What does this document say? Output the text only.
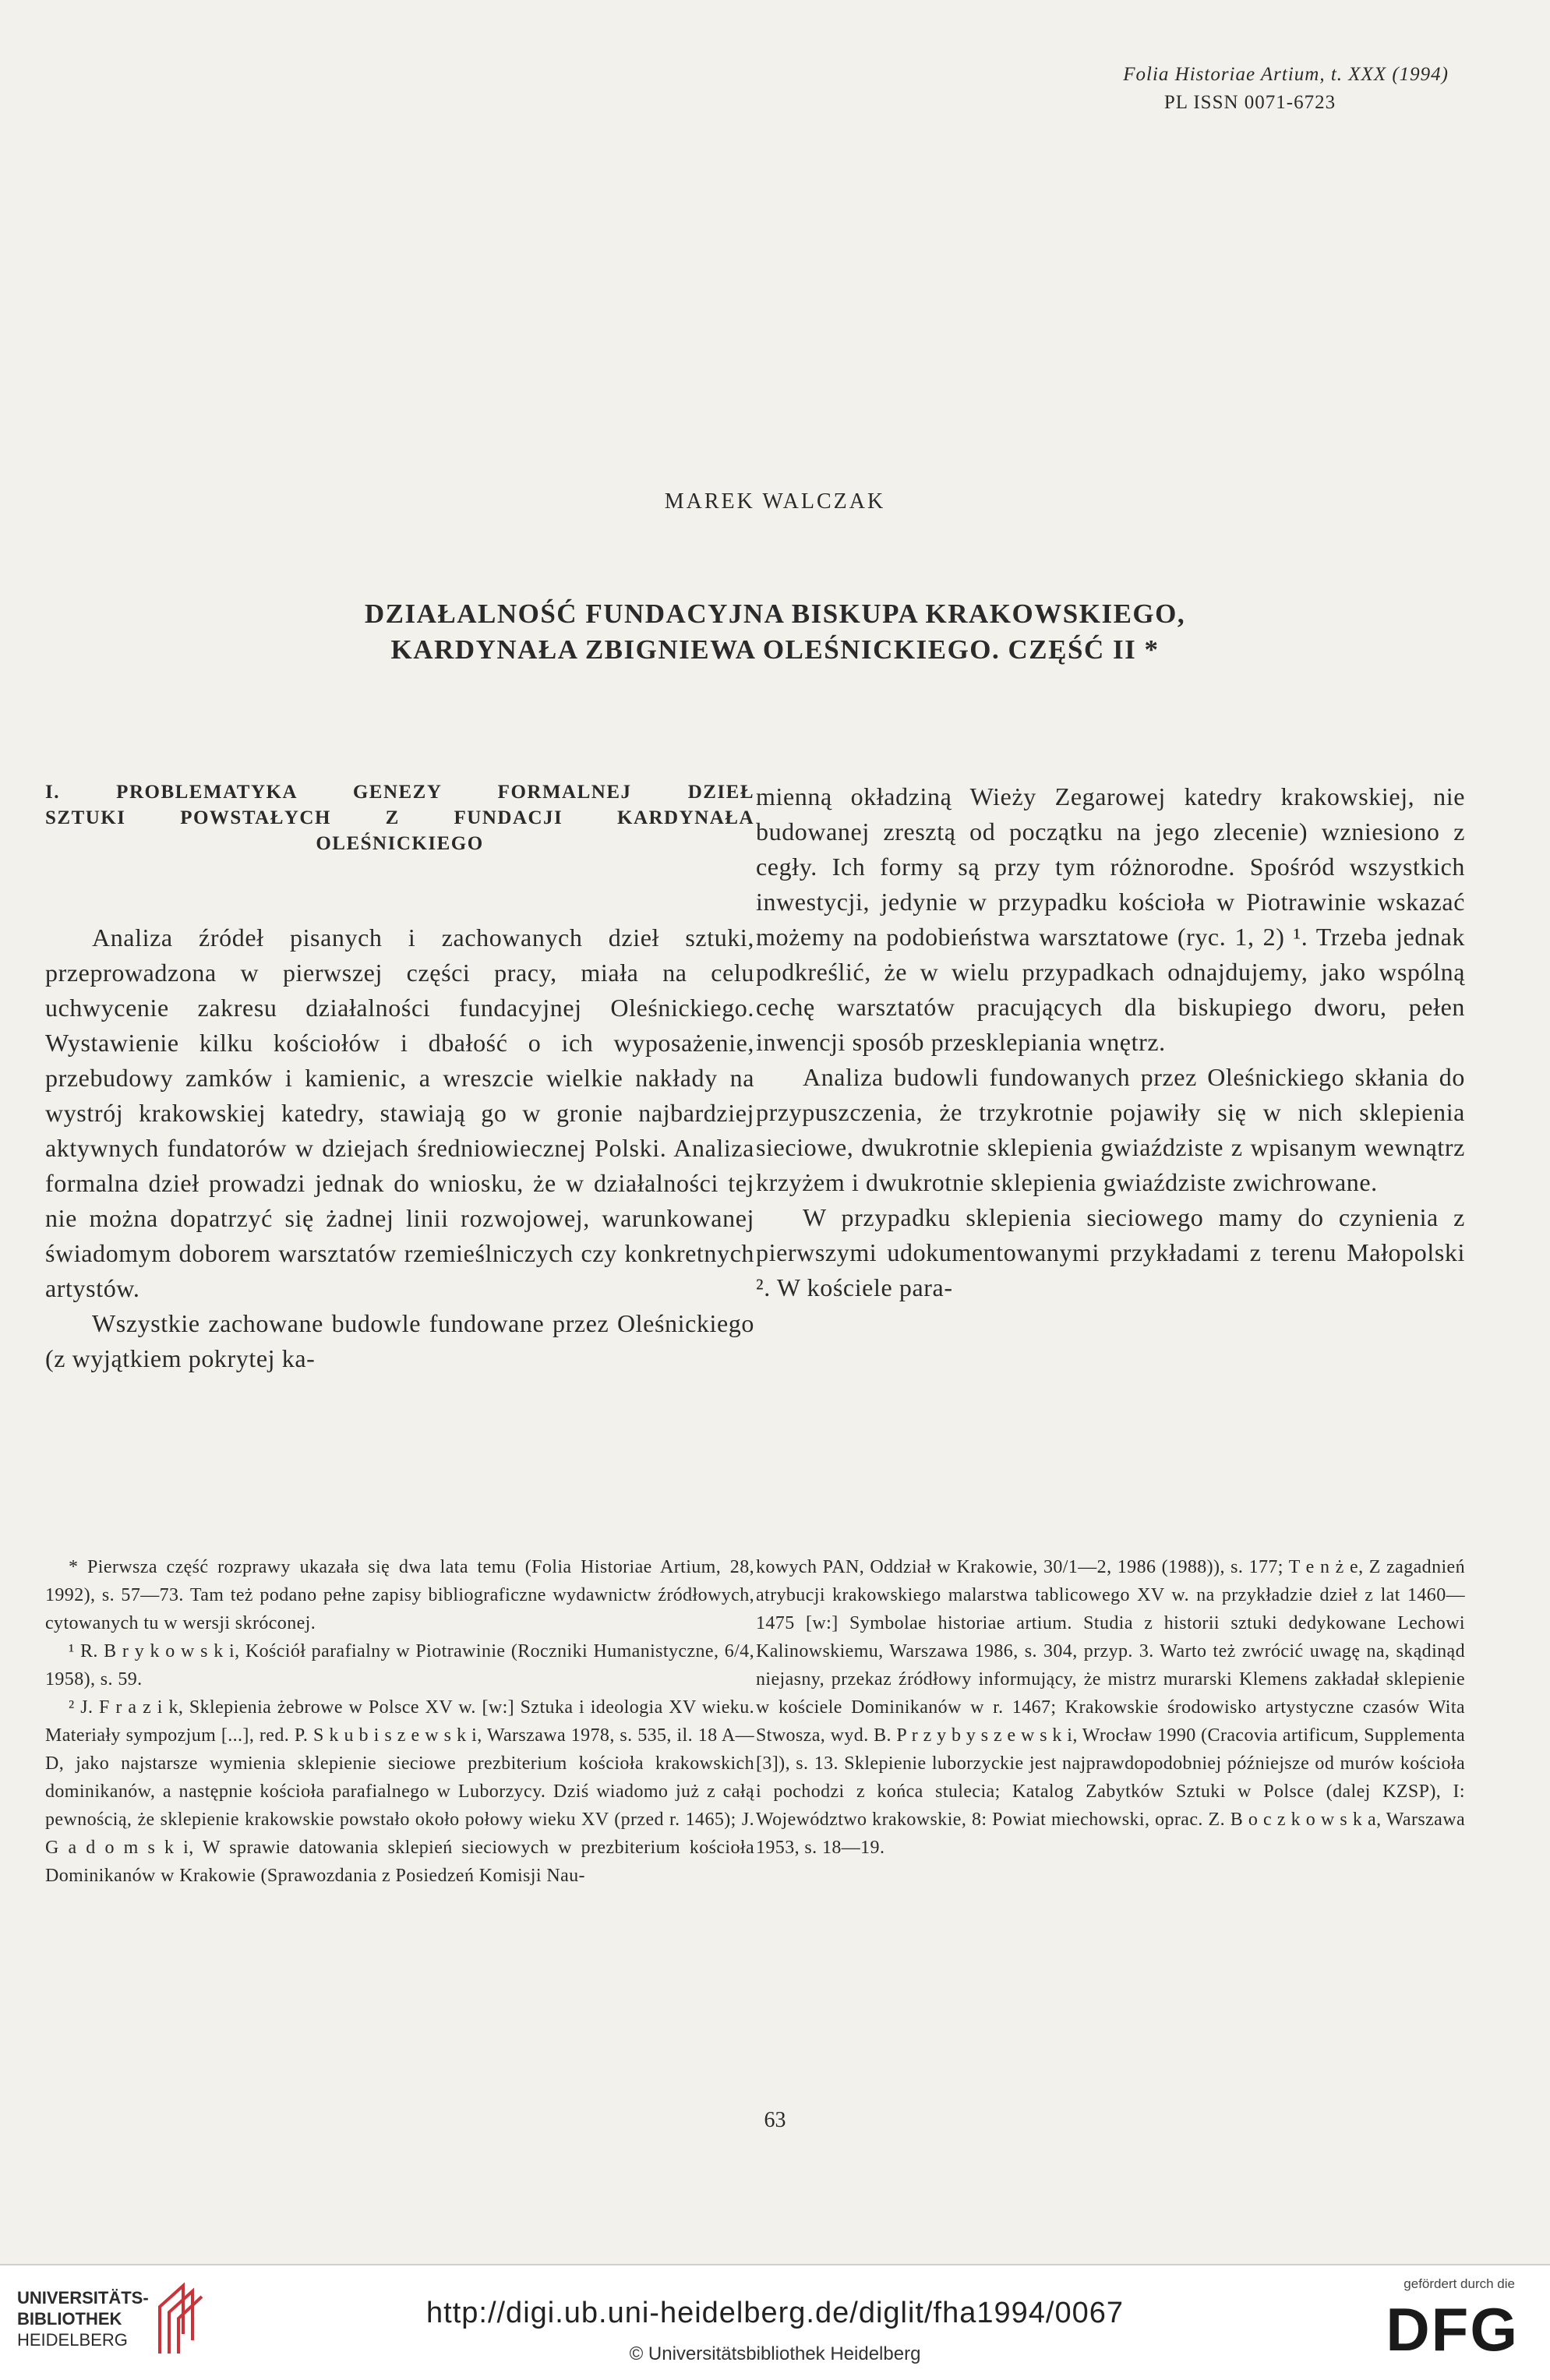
Folia Historiae Artium, t. XXX (1994)
PL ISSN 0071-6723
MAREK WALCZAK
DZIAŁALNOŚĆ FUNDACYJNA BISKUPA KRAKOWSKIEGO,
KARDYNAŁA ZBIGNIEWA OLEŚNICKIEGO. CZĘŚĆ II *
I. PROBLEMATYKA GENEZY FORMALNEJ DZIEŁ
SZTUKI POWSTAŁYCH Z FUNDACJI KARDYNAŁA
OLEŚNICKIEGO

Analiza źródeł pisanych i zachowanych dzieł sztuki, przeprowadzona w pierwszej części pracy, miała na celu uchwycenie zakresu działalności fundacyjnej Oleśnickiego. Wystawienie kilku kościołów i dbałość o ich wyposażenie, przebudowy zamków i kamienic, a wreszcie wielkie nakłady na wystrój krakowskiej katedry, stawiają go w gronie najbardziej aktywnych fundatorów w dziejach średniowiecznej Polski. Analiza formalna dzieł prowadzi jednak do wniosku, że w działalności tej nie można dopatrzyć się żadnej linii rozwojowej, warunkowanej świadomym doborem warsztatów rzemieślniczych czy konkretnych artystów.

Wszystkie zachowane budowle fundowane przez Oleśnickiego (z wyjątkiem pokrytej ka-

mienną okładziną Wieży Zegarowej katedry krakowskiej, nie budowanej zresztą od początku na jego zlecenie) wzniesiono z cegły. Ich formy są przy tym różnorodne. Spośród wszystkich inwestycji, jedynie w przypadku kościoła w Piotrawinie wskazać możemy na podobieństwa warsztatowe (ryc. 1, 2) ¹. Trzeba jednak podkreślić, że w wielu przypadkach odnajdujemy, jako wspólną cechę warsztatów pracujących dla biskupiego dworu, pełen inwencji sposób przesklepiania wnętrz.

Analiza budowli fundowanych przez Oleśnickiego skłania do przypuszczenia, że trzykrotnie pojawiły się w nich sklepienia sieciowe, dwukrotnie sklepienia gwiaździste z wpisanym wewnątrz krzyżem i dwukrotnie sklepienia gwiaździste zwichrowane.

W przypadku sklepienia sieciowego mamy do czynienia z pierwszymi udokumentowanymi przykładami z terenu Małopolski ². W kościele para-

* Pierwsza część rozprawy ukazała się dwa lata temu (Folia Historiae Artium, 28, 1992), s. 57—73. Tam też podano pełne zapisy bibliograficzne wydawnictw źródłowych, cytowanych tu w wersji skróconej.

¹ R. B r y k o w s k i, Kościół parafialny w Piotrawinie (Roczniki Humanistyczne, 6/4, 1958), s. 59.

² J. F r a z i k, Sklepienia żebrowe w Polsce XV w. [w:] Sztuka i ideologia XV wieku. Materiały sympozjum [...], red. P. S k u b i s z e w s k i, Warszawa 1978, s. 535, il. 18 A—D, jako najstarsze wymienia sklepienie sieciowe prezbiterium kościoła krakowskich dominikanów, a następnie kościoła parafialnego w Luborzycy. Dziś wiadomo już z całą pewnością, że sklepienie krakowskie powstało około połowy wieku XV (przed r. 1465); J. G a d o m s k i, W sprawie datowania sklepień sieciowych w prezbiterium kościoła Dominikanów w Krakowie (Sprawozdania z Posiedzeń Komisji Nau-

kowych PAN, Oddział w Krakowie, 30/1—2, 1986 (1988)), s. 177; T e n ż e, Z zagadnień atrybucji krakowskiego malarstwa tablicowego XV w. na przykładzie dzieł z lat 1460—1475 [w:] Symbolae historiae artium. Studia z historii sztuki dedykowane Lechowi Kalinowskiemu, Warszawa 1986, s. 304, przyp. 3. Warto też zwrócić uwagę na, skądinąd niejasny, przekaz źródłowy informujący, że mistrz murarski Klemens zakładał sklepienie w kościele Dominikanów w r. 1467; Krakowskie środowisko artystyczne czasów Wita Stwosza, wyd. B. P r z y b y s z e w s k i, Wrocław 1990 (Cracovia artificum, Supplementa [3]), s. 13. Sklepienie luborzyckie jest najprawdopodobniej późniejsze od murów kościoła i pochodzi z końca stulecia; Katalog Zabytków Sztuki w Polsce (dalej KZSP), I: Województwo krakowskie, 8: Powiat miechowski, oprac. Z. B o c z k o w s k a, Warszawa 1953, s. 18—19.

63
UNIVERSITÄTS-
BIBLIOTHEK
HEIDELBERG
http://digi.ub.uni-heidelberg.de/diglit/fha1994/0067
© Universitätsbibliothek Heidelberg
gefördert durch die
DFG
